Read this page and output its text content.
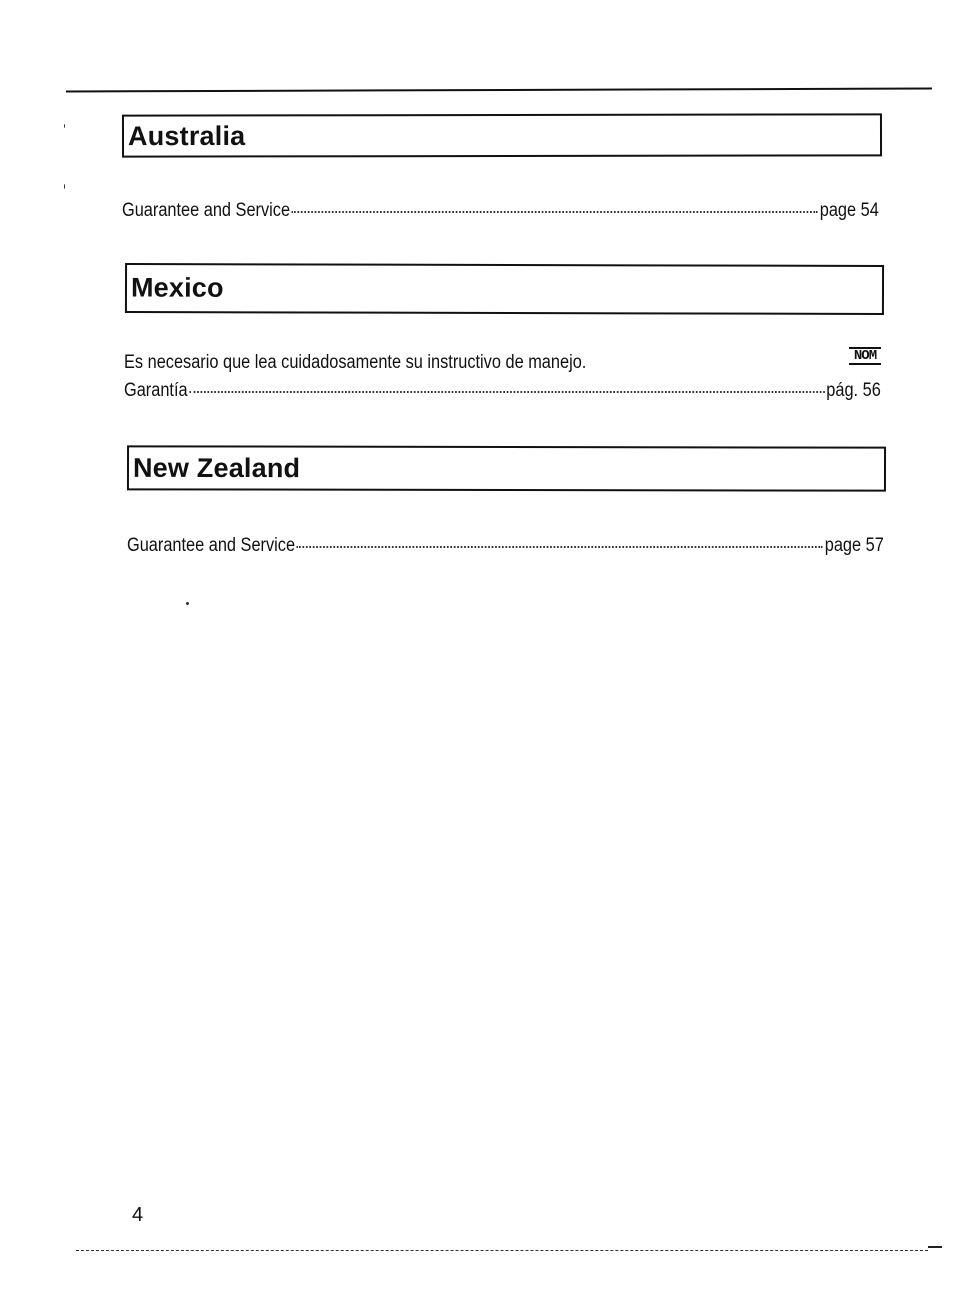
Australia
Guarantee and Service	page 54
Mexico
Es necesario que lea cuidadosamente su instructivo de manejo.	NOM
Garantía	pág. 56
New Zealand
Guarantee and Service	page 57
4
